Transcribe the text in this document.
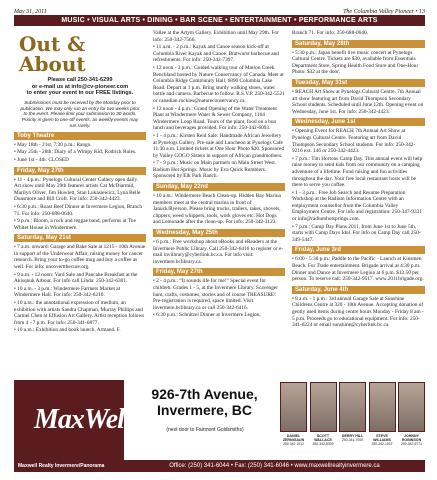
May 31, 2011	The Columbia Valley Pioneer • 13
MUSIC • VISUAL ARTS • DINING • BAR SCENE • ENTERTAINMENT • PERFORMANCE ARTS
Out & About
Please call 250-341-6299
or e-mail us at info@cv-pioneer.com
to enter your event in our FREE listings.
Submissions must be received by the Monday prior to publication. We may only run an entry for two weeks prior to the event. Please limit your submission to 30 words. Priority is given to one-off events, as weekly events may run rarely.
Toby Theatre
• May 18th - 21st, 7:30 p.m.: Rango.
• May 25th - 28th: Diary of a Wimpy Kid, Rodrick Rules.
• June 1st - 4th: CLOSED
Friday, May 27th
• 11 - 4 p.m.: Pynelogs Cultural Center Gallery open daily. Art show until May 29th features artists Cat McDiarmid, Marilyn Oliver, Jim Howlett, Stan Lukasiewicz, Lyna Belle Dunsmore and Bill Croft. For info: 250-342-4423.
• 6:30 p.m.: Roast Beef Dinner at Invermere Legion, Branch 71. For info: 250-688-0640.
• 9 p.m.: Bloom, a rock and reggae band, performs at The Whitet House in Windermere.
Saturday, May 21st
• 7 a.m. onward: Garage and Bake Sale at 1215 - 10th Avenue in support of the Underwear Affair, raising money for cancer research. Bring your to-go coffee mug and buy a coffee as well. For info: uncovertthecure.org.
• 9 a.m. - 12 noon: Yard Sale and Pancake Breakfast at the Akisqnuk Arbour. For info call Linda: 250-342-6301.
• 10 a.m. - 3 p.m.: Windermere Farmers Market at Windermere Hall. For info: 250-342-6210.
• 10 a.m.: the annotational expression of medium, an exhibition with artists Sandra Chapman, Murray Phillips and Carmel Chen at Effusion Art Gallery. Artist reception follows from 4 - 7 p.m. For info: 250-341-6877.
• 10 a.m.: Exhibition and book launch, Armand. F.
Vallee at the Artym Gallery. Exhibition until May 29th. For info: 250-342-7566.
• 11 a.m. - 2 p.m.: Kayak and Canoe season kick-off at Columbia River Kayak and Canoe. Bratwurst barbecue and refreshments. For info: 250-342-7397.
• 12 noon - 3 p.m.: Guided walking tour of Marion Creek Benchland hosted by Nature Conservancy of Canada. Meet at Columbia Ridge Community Hall, 6890 Columbia Lake Road. Depart at 1 p.m. Bring sturdy walking shoes, water bottle and camera. Barbecue to follow. R.S.V.P. 250-342-5521 or canadian.rockies@natureconservancy.ca.
• 12 noon - 4 p.m.: Grand Opening of the Water Treatment Plant at Windermere Water & Sewer Company, 1164 Windermere Loop Road. Tours of the plant, food on a bun lunch and beverages provided. For info: 250-342-6093.
• 1 - 4 p.m.: Kirsten Reid Sale: Handmade African Jewellery at Pynelogs Gallery. Pre-sale and Luncheon at Pynelogs Cafe 11:30 a.m. Limited tickets at One Hour Photo $20. Sponsored by Valley GOGO Sisters in support of African grandmothers.
• 7 - 9 p.m.: Music on Main partners on Main Street West. Radium Hot Springs. Music by Eva Quick Rumblers. Sponsored by Elk Park Ranch.
Sunday, May 22nd
• 10 a.m.: Windermere Beach Clean-up. Hidden Bay Marina members meet at the central marina in front of Januck/Ryerson. Please bring trucks, trailers, rakes, shovels, clippers, weed whippers, tools, work gloves etc. Hot Dogs and Lemonade after the clean-up. For info: 250-342-3123.
Wednesday, May 25th
• 6 p.m.: Free workshop about eBooks and eReaders at the Invermere Public Library. Call 250-342-6416 to register or e-mail inviibrary@cyberlink.bc.ca. For info visit: invermere.bclibrary.ca.
Friday, May 27th
• 2 - 4 p.m.: “It sounds life for me!” Special event for children. Grades 1 - 5, at the Invermere Library. Scavenger hunt, crafts, costumes, stories and of course TREASURE! Pre-registration is required, space limited. Visit invermere.bclibrary.ca or call 250-342-6416.
• 6:30 p.m.: Schnitzel Dinner at Invermere Legion,
Branch 71. For info: 250-688-0640.
Saturday, May 28th
• 5:30 p.m.: Japan benefit live music concert at Pynelogs Cultural Centre. Tickets are $30, available from Essentials Department Store, Spring Health Food Store and One-Hour Photo. $32 at the door.
Tuesday, May 31st
• REACH Art Show at Pynelogs Cultural Centre. 7th Annual art show featuring art from David Thompson Secondary School students. Scheduled until June 12th. Opening event on Wednesday, June 1st. For info: 250-342-4423.
Wednesday, June 1st
• Opening Event for REACH 7th Annual Art Show at Pynelogs Cultural Centre. Featuring art from David Thompson Secondary School students. For info: 250-342-9216 ext. 146 or 250-342-4423.
• 7 p.m.: Tim Hortons Camp Day. This annual event will help raise money to send kids from our community on a camping adventure of a lifetime. Fond raising and fun activities throughout the day. Your free local restaurant hosts will be there to serve you coffee.
• 1 - 3 p.m.: Free Job Search and Resume Preparation Workshop at the Radium Information Centre with an employment counsellor from the Columbia Valley Employment Centre. For info and registration: 250-347-9331 or info@radiumhotsprings.com.
• 7 p.m.: Camp Day Plans 2011, from June 1st to June 5th, starts with Camp Days Idol. For info on Camp Day call 250-349-5447.
Friday, June 3rd
• 6:00 - 5:30 p.m.: Paddle to the Pacific - Launch at Kinsmen Beach. Fur Trade entertainment. Brigade arrival at 4:30 p.m. Dinner and Dance at Invermere Legion at 6 p.m. $12.50 per person. To reserve call: 250-342-9517. www.2011brigade.org.
Saturday, June 4th
• 8 a.m. - 1 p.m.: 3rd annual Garage Sale at Sunshine Childrens Centre at 320 - 10th Avenue. Accepting donation of gently used items during centre hours Monday - Friday 8 am - 5 p.m. Proceeds go to educational equipment. For info: 250-341-6224 or email sunshine@cyberlink.bc.ca.
MaxWell
926-7th Avenue,
Invermere, BC
(next door to Fairmont Goldsmiths)
DANIEL ZERNIGAUN
250 342 1012
SCOTT WALLACE
250-342-5309
GERRY HILL
250-341-7000
STEVE WILLIAMS
250-342-1007
JOHNNY ROBINSON
250-342-5771
Maxwell Realty Invermere/Panorama	Office: (250) 341-6044 • Fax: (250) 341-6046 • www.maxwellrealtyinvermere.ca
